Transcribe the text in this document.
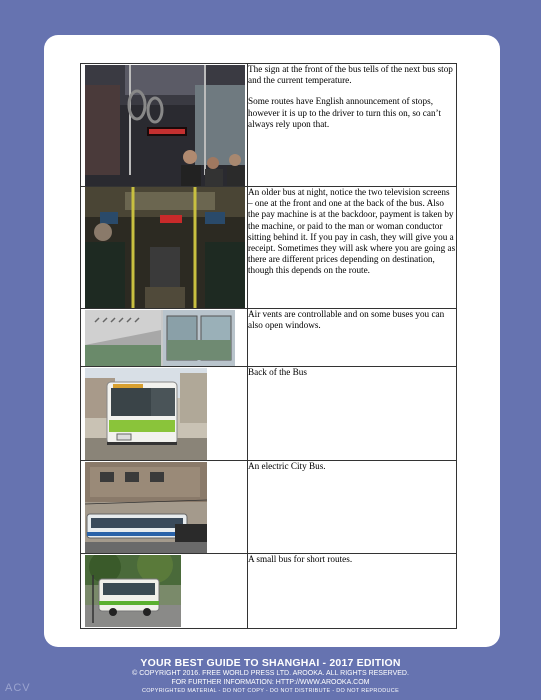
The sign at the front of the bus tells of the next bus stop and the current temperature.

Some routes have English announcement of stops, however it is up to the driver to turn this on, so can’t always rely upon that.

An older bus at night, notice the two television screens – one at the front and one at the back of the bus. Also the pay machine is at the backdoor, payment is taken by the machine, or paid to the man or woman conductor sitting behind it. If you pay in cash, they will give you a receipt. Sometimes they will ask where you are going as there are different prices depending on destination, though this depends on the route.

Air vents are controllable and on some buses you can also open windows.

Back of the Bus

An electric City Bus.

A small bus for short routes.

YOUR BEST GUIDE TO SHANGHAI - 2017 EDITION
© COPYRIGHT 2016. FREE WORLD PRESS LTD. AROOKA. ALL RIGHTS RESERVED.
FOR FURTHER INFORMATION: HTTP://WWW.AROOKA.COM
COPYRIGHTED MATERIAL - DO NOT COPY - DO NOT DISTRIBUTE - DO NOT REPRODUCE
ACV
